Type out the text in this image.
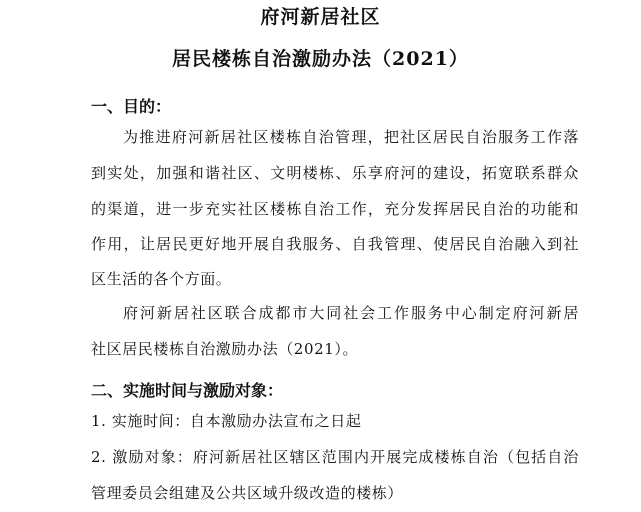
府河新居社区
居民楼栋自治激励办法（2021）
一、目的：
为推进府河新居社区楼栋自治管理，把社区居民自治服务工作落
到实处，加强和谐社区、文明楼栋、乐享府河的建设，拓宽联系群众
的渠道，进一步充实社区楼栋自治工作，充分发挥居民自治的功能和
作用，让居民更好地开展自我服务、自我管理、使居民自治融入到社
区生活的各个方面。
府河新居社区联合成都市大同社会工作服务中心制定府河新居
社区居民楼栋自治激励办法（2021）。
二、实施时间与激励对象：
1. 实施时间：自本激励办法宣布之日起
2. 激励对象：府河新居社区辖区范围内开展完成楼栋自治（包括自治
管理委员会组建及公共区域升级改造的楼栋）
